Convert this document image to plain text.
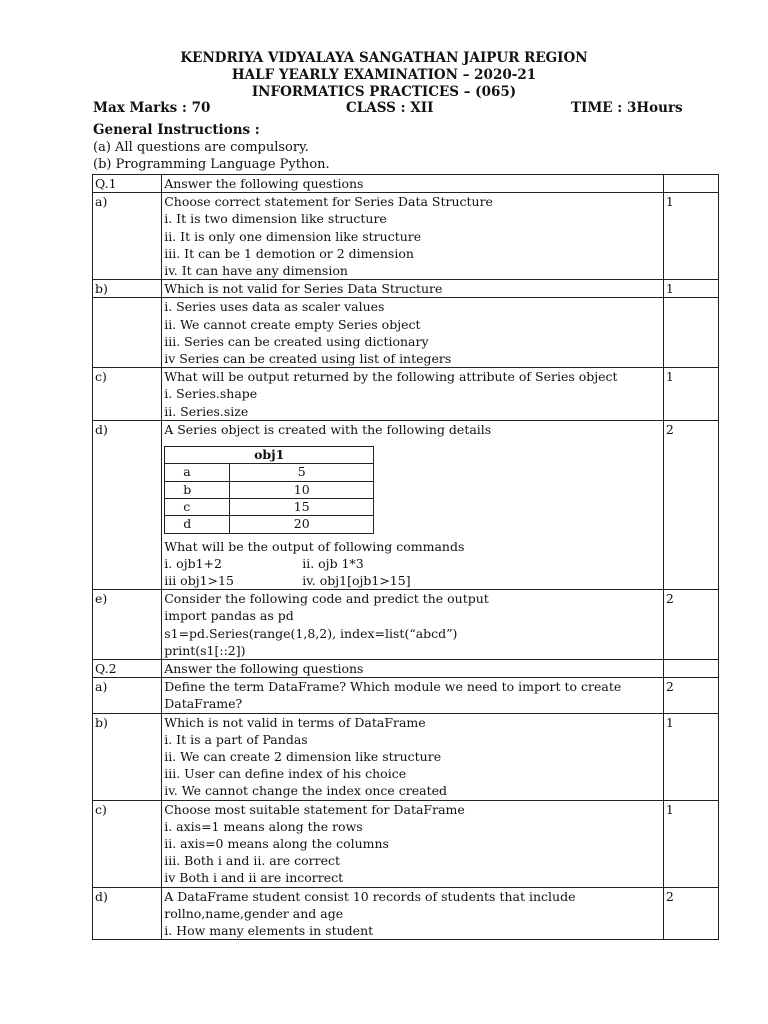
KENDRIYA VIDYALAYA SANGATHAN JAIPUR REGION
HALF YEARLY EXAMINATION – 2020-21
INFORMATICS PRACTICES – (065)
Max Marks : 70	CLASS : XII	TIME : 3Hours
General Instructions :
(a) All questions are compulsory.
(b) Programming Language Python.
Q.1	Answer the following questions

a)	Choose correct statement for Series Data Structure
i. It is two dimension like structure
ii. It is only one dimension like structure
iii. It can be 1 demotion or 2 dimension
iv. It can have any dimension
	1
b)	Which is not valid for Series Data Structure	1

i. Series uses data as scaler values
ii. We cannot create empty Series object
iii. Series can be created using dictionary
iv Series can be created using list of integers

c)	What will be output returned by the following attribute of Series object
i. Series.shape
ii. Series.size
	1
d)	A Series object is created with the following details
obj1
a	5
b	10
c	15
d	20
What will be the output of following commands
i. ojb1+2	ii. ojb 1*3
iii obj1>15	iv. obj1[ojb1>15]
	2
e)	Consider the following code and predict the output
import pandas as pd
s1=pd.Series(range(1,8,2), index=list(“abcd”)
print(s1[::2])
	2
Q.2	Answer the following questions

a)	Define the term DataFrame? Which module we need to import to create DataFrame?
	2
b)	Which is not valid in terms of DataFrame
i. It is a part of Pandas
ii. We can create 2 dimension like structure
iii. User can define index of his choice
iv. We cannot change the index once created
	1
c)	Choose most suitable statement for DataFrame
i. axis=1 means along the rows
ii. axis=0 means along the columns
iii. Both i and ii. are correct
iv Both i and ii are incorrect
	1
d)	A DataFrame student consist 10 records of students that include
rollno,name,gender and age
i. How many elements in student
	2
